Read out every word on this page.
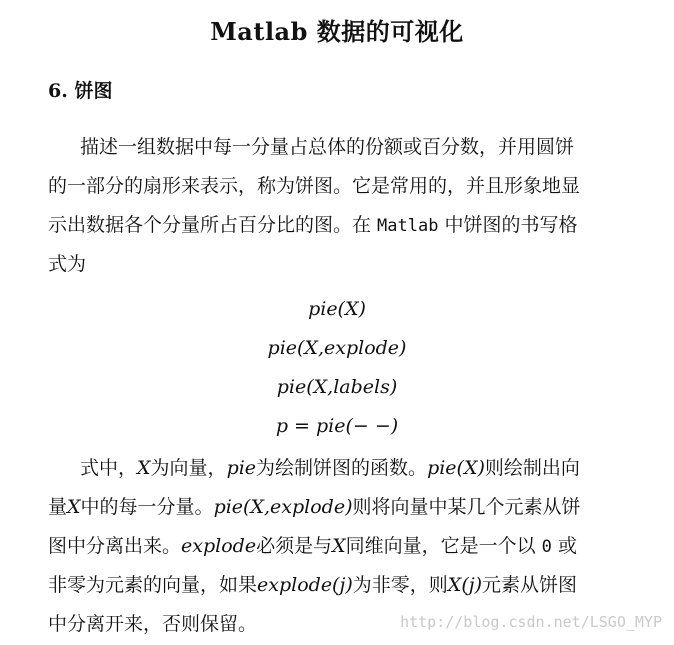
Matlab 数据的可视化
6. 饼图
描述一组数据中每一分量占总体的份额或百分数，并用圆饼
的一部分的扇形来表示，称为饼图。它是常用的，并且形象地显
示出数据各个分量所占百分比的图。在 Matlab 中饼图的书写格
式为
pie(X)
pie(X,explode)
pie(X,labels)
p = pie(− −)
式中，X为向量，pie为绘制饼图的函数。pie(X)则绘制出向
量X中的每一分量。pie(X,explode)则将向量中某几个元素从饼
图中分离出来。explode必须是与X同维向量，它是一个以 0 或
非零为元素的向量，如果explode(j)为非零，则X(j)元素从饼图
中分离开来，否则保留。	http://blog.csdn.net/LSGO_MYP
